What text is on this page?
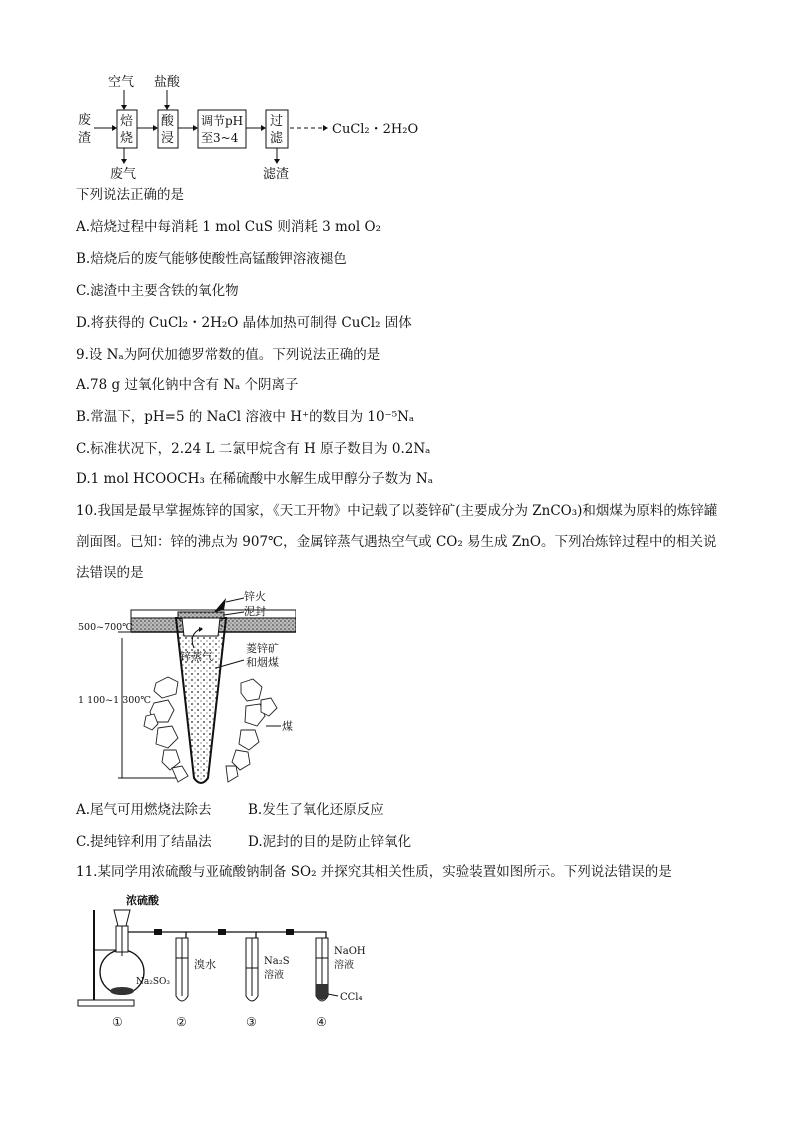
废
渣
空气 盐酸
焙
烧
酸
浸
调节pH
至3~4
过
滤
CuCl₂・2H₂O
废气	滤渣
下列说法正确的是
A.焙烧过程中每消耗 1 mol CuS 则消耗 3 mol O₂
B.焙烧后的废气能够使酸性高锰酸钾溶液褪色
C.滤渣中主要含铁的氧化物
D.将获得的 CuCl₂・2H₂O 晶体加热可制得 CuCl₂ 固体
9.设 Nₐ为阿伏加德罗常数的值。下列说法正确的是
A.78 g 过氧化钠中含有 Nₐ 个阴离子
B.常温下，pH=5 的 NaCl 溶液中 H⁺的数目为 10⁻⁵Nₐ
C.标准状况下，2.24 L 二氯甲烷含有 H 原子数目为 0.2Nₐ
D.1 mol HCOOCH₃ 在稀硫酸中水解生成甲醇分子数为 Nₐ
10.我国是最早掌握炼锌的国家，《天工开物》中记载了以菱锌矿(主要成分为 ZnCO₃)和烟煤为原料的炼锌罐
剖面图。已知：锌的沸点为 907℃，金属锌蒸气遇热空气或 CO₂ 易生成 ZnO。下列冶炼锌过程中的相关说
法错误的是
500~700℃
1 100~1 300℃
锌火
泥封
锌蒸气
菱锌矿
和烟煤
煤
A.尾气可用燃烧法除去	B.发生了氧化还原反应
C.提纯锌利用了结晶法	D.泥封的目的是防止锌氧化
11.某同学用浓硫酸与亚硫酸钠制备 SO₂ 并探究其相关性质，实验装置如图所示。下列说法错误的是
浓硫酸
Na₂SO₃
溴水	Na₂S
溶液
NaOH
溶液
CCl₄
①	②	③	④
